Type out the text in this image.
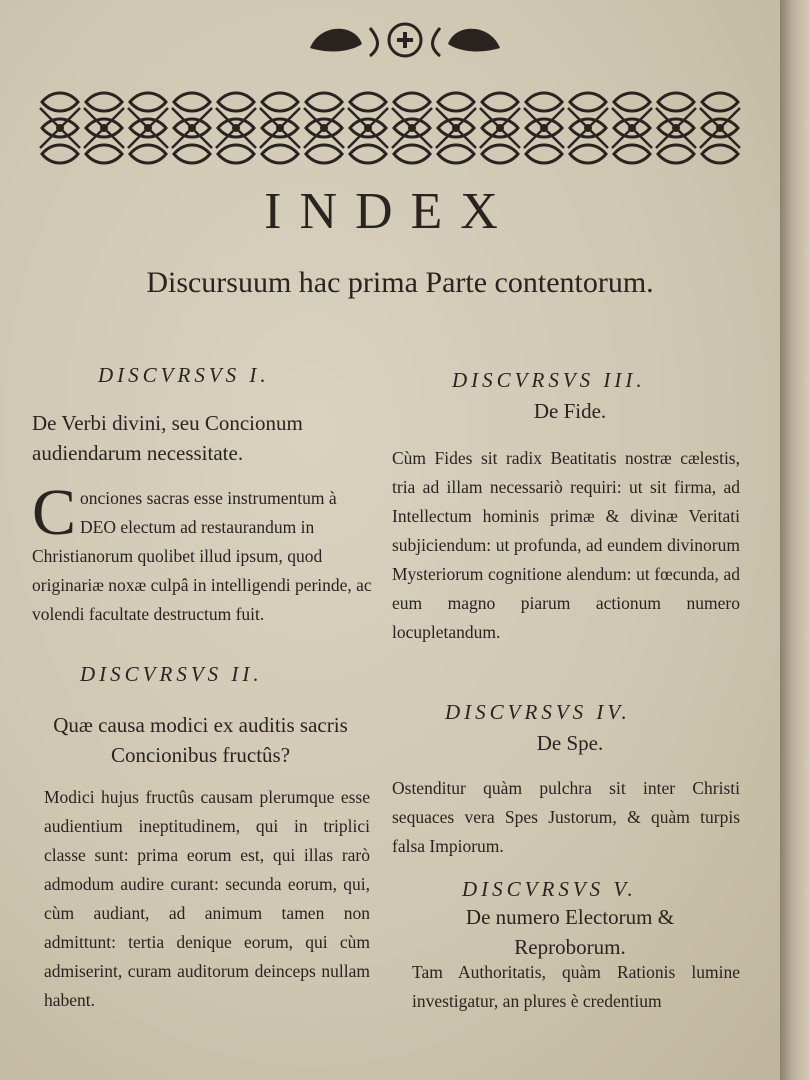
INDEX
Discursuum hac prima Parte contentorum.
DISCVRSVS I.
De Verbi divini, seu Concionum audiendarum necessitate.
C onciones sacras esse instrumentum à DEO electum ad restaurandum in Christianorum quolibet illud ipsum, quod originariæ noxæ culpâ in intelligendi perinde, ac volendi facultate destructum fuit.
DISCVRSVS II.
Quæ causa modici ex auditis sacris Concionibus fructûs?
Modici hujus fructûs causam plerumque esse audientium ineptitudinem, qui in triplici classe sunt: prima eorum est, qui illas rarò admodum audire curant: secunda eorum, qui, cùm audiant, ad animum tamen non admittunt: tertia denique eorum, qui cùm admiserint, curam auditorum deinceps nullam habent.
DISCVRSVS III.
De Fide.
Cùm Fides sit radix Beatitatis nostræ cælestis, tria ad illam necessariò requiri: ut sit firma, ad Intellectum hominis primæ & divinæ Veritati subjiciendum: ut profunda, ad eundem divinorum Mysteriorum cognitione alendum: ut fœcunda, ad eum magno piarum actionum numero locupletandum.
DISCVRSVS IV.
De Spe.
Ostenditur quàm pulchra sit inter Christi sequaces vera Spes Justorum, & quàm turpis falsa Impiorum.
DISCVRSVS V.
De numero Electorum & Reproborum.
Tam Authoritatis, quàm Rationis lumine investigatur, an plures è credentium
